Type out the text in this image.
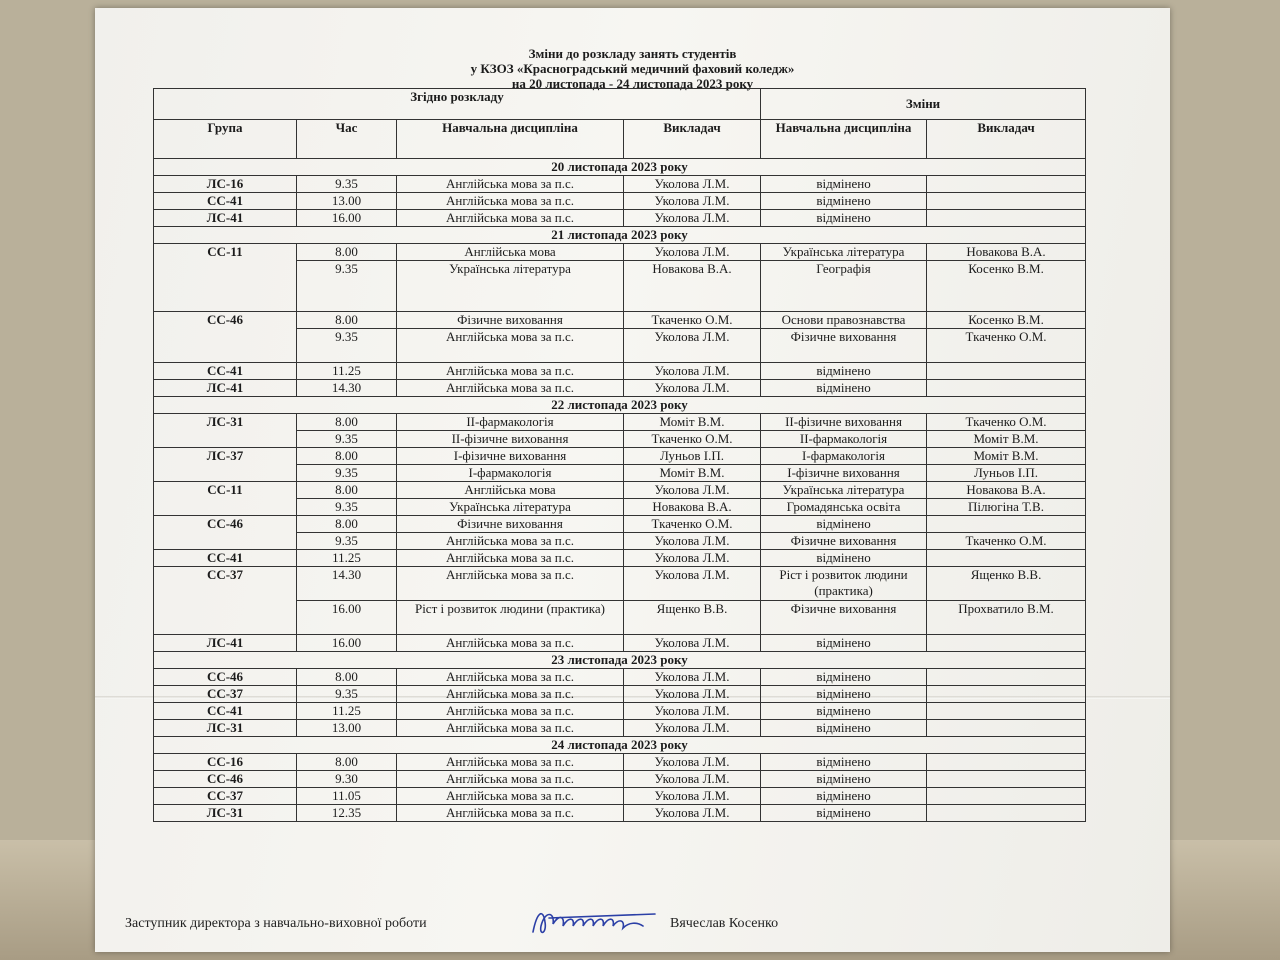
Зміни до розкладу занять студентів
у КЗОЗ «Красноградський медичний фаховий коледж»
на 20 листопада - 24 листопада 2023 року
Згідно розкладу				Зміни	
Група	Час	Навчальна дисципліна	Викладач	Навчальна дисципліна	Викладач
20 листопада 2023 року					
ЛС-16	9.35	Англійська мова за п.с.	Уколова Л.М.	відмінено	
СС-41	13.00	Англійська мова за п.с.	Уколова Л.М.	відмінено	
ЛС-41	16.00	Англійська мова за п.с.	Уколова Л.М.	відмінено	
21 листопада 2023 року					
СС-11	8.00	Англійська мова	Уколова Л.М.	Українська література	Новакова В.А.
	9.35	Українська література	Новакова В.А.	Географія	Косенко В.М.
СС-46	8.00	Фізичне виховання	Ткаченко О.М.	Основи правознавства	Косенко В.М.
	9.35	Англійська мова за п.с.	Уколова Л.М.	Фізичне виховання	Ткаченко О.М.
СС-41	11.25	Англійська мова за п.с.	Уколова Л.М.	відмінено	
ЛС-41	14.30	Англійська мова за п.с.	Уколова Л.М.	відмінено	
22 листопада 2023 року					
ЛС-31	8.00	ІІ-фармакологія	Моміт В.М.	ІІ-фізичне виховання	Ткаченко О.М.
	9.35	ІІ-фізичне виховання	Ткаченко О.М.	ІІ-фармакологія	Моміт В.М.
ЛС-37	8.00	І-фізичне виховання	Луньов І.П.	І-фармакологія	Моміт В.М.
	9.35	І-фармакологія	Моміт В.М.	І-фізичне виховання	Луньов І.П.
СС-11	8.00	Англійська мова	Уколова Л.М.	Українська література	Новакова В.А.
	9.35	Українська література	Новакова В.А.	Громадянська освіта	Пілюгіна Т.В.
СС-46	8.00	Фізичне виховання	Ткаченко О.М.	відмінено	
	9.35	Англійська мова за п.с.	Уколова Л.М.	Фізичне виховання	Ткаченко О.М.
СС-41	11.25	Англійська мова за п.с.	Уколова Л.М.	відмінено	
СС-37	14.30	Англійська мова за п.с.	Уколова Л.М.	Ріст і розвиток людини (практика)	Ященко В.В.
	16.00	Ріст і розвиток людини (практика)	Ященко В.В.	Фізичне виховання	Прохватило В.М.
ЛС-41	16.00	Англійська мова за п.с.	Уколова Л.М.	відмінено	
23 листопада 2023 року					
СС-46	8.00	Англійська мова за п.с.	Уколова Л.М.	відмінено	
СС-37	9.35	Англійська мова за п.с.	Уколова Л.М.	відмінено	
СС-41	11.25	Англійська мова за п.с.	Уколова Л.М.	відмінено	
ЛС-31	13.00	Англійська мова за п.с.	Уколова Л.М.	відмінено	
24 листопада 2023 року					
СС-16	8.00	Англійська мова за п.с.	Уколова Л.М.	відмінено	
СС-46	9.30	Англійська мова за п.с.	Уколова Л.М.	відмінено	
СС-37	11.05	Англійська мова за п.с.	Уколова Л.М.	відмінено	
ЛС-31	12.35	Англійська мова за п.с.	Уколова Л.М.	відмінено	
Заступник директора з навчально-виховної роботи	Вячеслав Косенко
